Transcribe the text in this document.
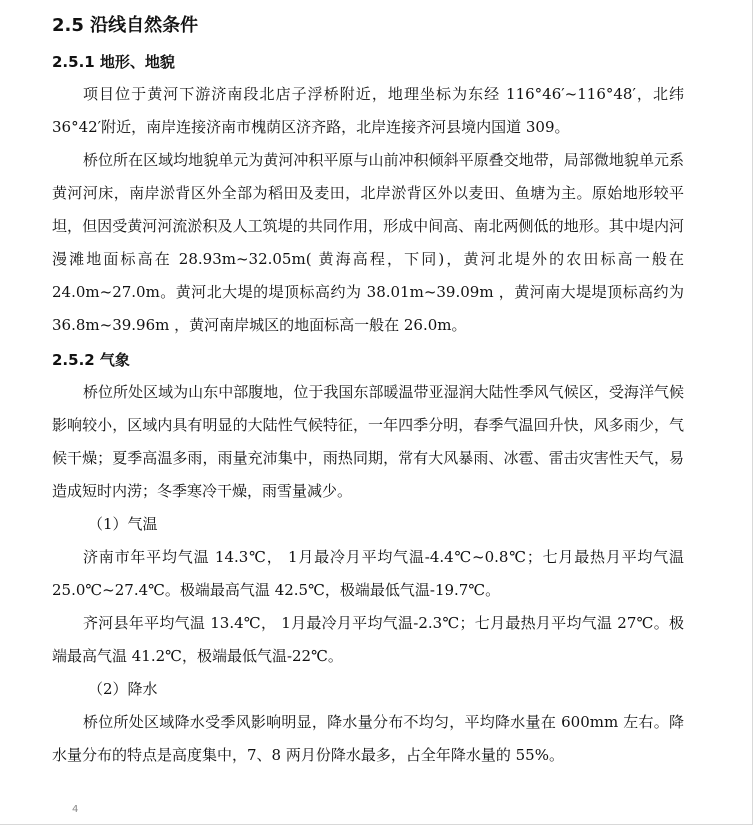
2.5 沿线自然条件
2.5.1 地形、地貌

项目位于黄河下游济南段北店子浮桥附近，地理坐标为东经 116°46′~116°48′，北纬 36°42′附近，南岸连接济南市槐荫区济齐路，北岸连接齐河县境内国道 309。

桥位所在区域均地貌单元为黄河冲积平原与山前冲积倾斜平原叠交地带，局部微地貌单元系黄河河床，南岸淤背区外全部为稻田及麦田，北岸淤背区外以麦田、鱼塘为主。原始地形较平坦，但因受黄河河流淤积及人工筑堤的共同作用，形成中间高、南北两侧低的地形。其中堤内河漫滩地面标高在 28.93m~32.05m( 黄海高程，下同)，黄河北堤外的农田标高一般在 24.0m~27.0m。黄河北大堤的堤顶标高约为 38.01m~39.09m ，黄河南大堤堤顶标高约为 36.8m~39.96m ，黄河南岸城区的地面标高一般在 26.0m。

2.5.2 气象

桥位所处区域为山东中部腹地，位于我国东部暖温带亚湿润大陆性季风气候区，受海洋气候影响较小，区域内具有明显的大陆性气候特征，一年四季分明，春季气温回升快，风多雨少，气候干燥；夏季高温多雨，雨量充沛集中，雨热同期，常有大风暴雨、冰雹、雷击灾害性天气，易造成短时内涝；冬季寒冷干燥，雨雪量减少。

（1）气温

济南市年平均气温 14.3℃， 1月最冷月平均气温-4.4℃~0.8℃；七月最热月平均气温 25.0℃~27.4℃。极端最高气温 42.5℃，极端最低气温-19.7℃。

齐河县年平均气温 13.4℃， 1月最冷月平均气温-2.3℃；七月最热月平均气温 27℃。极端最高气温 41.2℃，极端最低气温-22℃。

（2）降水

桥位所处区域降水受季风影响明显，降水量分布不均匀，平均降水量在 600mm 左右。降水量分布的特点是高度集中，7、8 两月份降水最多，占全年降水量的 55%。

4
